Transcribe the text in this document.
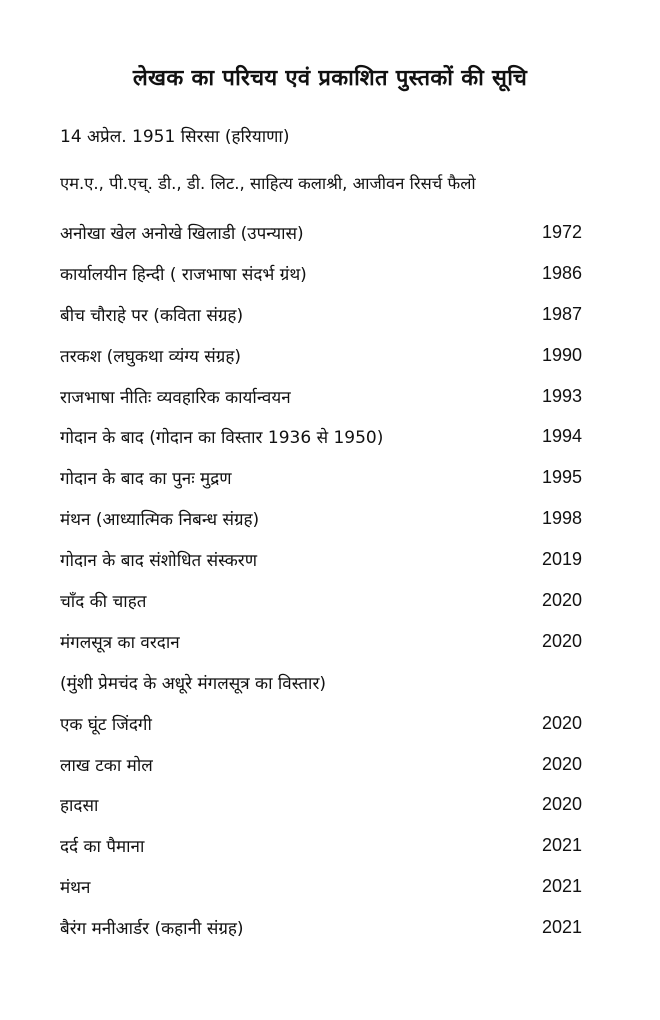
लेखक का परिचय एवं प्रकाशित पुस्तकों की सूचि
14 अप्रेल. 1951 सिरसा (हरियाणा)
एम.ए., पी.एच्. डी., डी. लिट., साहित्य कलाश्री, आजीवन रिसर्च फैलो
अनोखा खेल अनोखे खिलाडी (उपन्यास)	1972
कार्यालयीन हिन्दी ( राजभाषा संदर्भ ग्रंथ)	1986
बीच चौराहे पर (कविता संग्रह)	1987
तरकश (लघुकथा व्यंग्य संग्रह)	1990
राजभाषा नीतिः व्यवहारिक कार्यान्वयन	1993
गोदान के बाद (गोदान का विस्तार 1936 से 1950)	1994
गोदान के बाद का पुनः मुद्रण	1995
मंथन (आध्यात्मिक निबन्ध संग्रह)	1998
गोदान के बाद संशोधित संस्करण	2019
चाँद की चाहत	2020
मंगलसूत्र का वरदान	2020
(मुंशी प्रेमचंद के अधूरे मंगलसूत्र का विस्तार)
एक घूंट जिंदगी	2020
लाख टका मोल	2020
हादसा	2020
दर्द का पैमाना	2021
मंथन	2021
बैरंग मनीआर्डर (कहानी संग्रह)	2021
